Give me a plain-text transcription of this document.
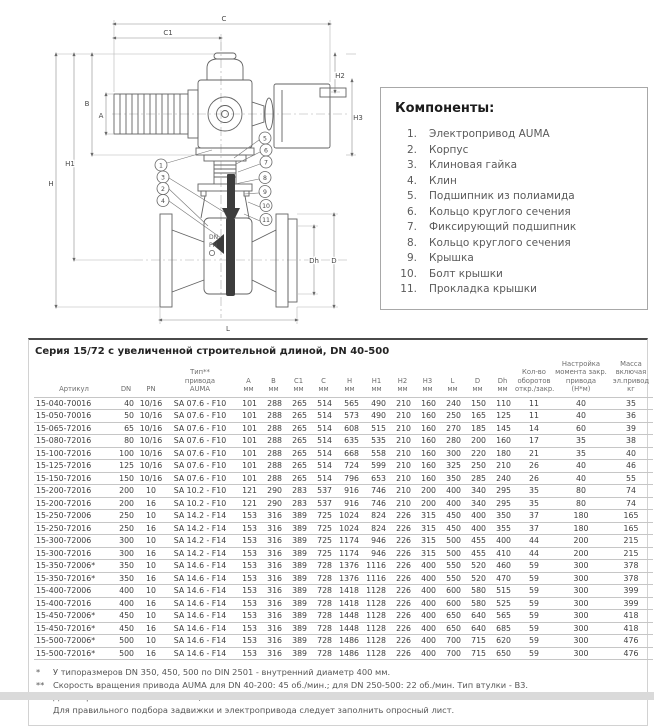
DN
PN
C
C1
H
H1
B
A
H2
H3
Dh D
L
1
3
2
4
5
6
7
8
9
10
11
Компоненты:
1. Электропривод AUMA
2. Корпус
3. Клиновая гайка
4. Клин
5. Подшипник из полиамида
6. Кольцо круглого сечения
7. Фиксирующий подшипник
8. Кольцо круглого сечения
9. Крышка
10. Болт крышки
11. Прокладка крышки
Серия 15/72 с увеличенной строительной длиной, DN 40-500
Артикул	DN	PN

Тип**
привода
AUMA

A
мм

B
мм

C1
мм

C
мм

H
мм

H1
мм

H2
мм

H3
мм

L
мм

D
мм

Dh
мм

Кол-во
оборотов
откр./закр.

Настройка
момента закр.
привода
(Н*м)

Масса
включая
эл.привод
кг

15-040-70016	40	10/16	SA 07.6 - F10	101	288	265	514	565	490	210	160	240	150	110	11	40	35
15-050-70016	50	10/16	SA 07.6 - F10	101	288	265	514	573	490	210	160	250	165	125	11	40	36
15-065-72016	65	10/16	SA 07.6 - F10	101	288	265	514	608	515	210	160	270	185	145	14	60	39
15-080-72016	80	10/16	SA 07.6 - F10	101	288	265	514	635	535	210	160	280	200	160	17	35	38
15-100-72016	100	10/16	SA 07.6 - F10	101	288	265	514	668	558	210	160	300	220	180	21	35	40
15-125-72016	125	10/16	SA 07.6 - F10	101	288	265	514	724	599	210	160	325	250	210	26	40	46
15-150-72016	150	10/16	SA 07.6 - F10	101	288	265	514	796	653	210	160	350	285	240	26	40	55
15-200-72016	200	10	SA 10.2 - F10	121	290	283	537	916	746	210	200	400	340	295	35	80	74
15-200-72016	200	16	SA 10.2 - F10	121	290	283	537	916	746	210	200	400	340	295	35	80	74
15-250-72006	250	10	SA 14.2 - F14	153	316	389	725	1024	824	226	315	450	400	350	37	180	165
15-250-72016	250	16	SA 14.2 - F14	153	316	389	725	1024	824	226	315	450	400	355	37	180	165
15-300-72006	300	10	SA 14.2 - F14	153	316	389	725	1174	946	226	315	500	455	400	44	200	215
15-300-72016	300	16	SA 14.2 - F14	153	316	389	725	1174	946	226	315	500	455	410	44	200	215
15-350-72006*	350	10	SA 14.6 - F14	153	316	389	728	1376	1116	226	400	550	520	460	59	300	378
15-350-72016*	350	16	SA 14.6 - F14	153	316	389	728	1376	1116	226	400	550	520	470	59	300	378
15-400-72006	400	10	SA 14.6 - F14	153	316	389	728	1418	1128	226	400	600	580	515	59	300	399
15-400-72016	400	16	SA 14.6 - F14	153	316	389	728	1418	1128	226	400	600	580	525	59	300	399
15-450-72006*	450	10	SA 14.6 - F14	153	316	389	728	1448	1128	226	400	650	640	565	59	300	418
15-450-72016*	450	16	SA 14.6 - F14	153	316	389	728	1448	1128	226	400	650	640	685	59	300	418
15-500-72006*	500	10	SA 14.6 - F14	153	316	389	728	1486	1128	226	400	700	715	620	59	300	476
15-500-72016*	500	16	SA 14.6 - F14	153	316	389	728	1486	1128	226	400	700	715	650	59	300	476
*	У типоразмеров DN 350, 450, 500 по DIN 2501 - внутренний диаметр 400 мм.
**	Скорость вращения привода AUMA для DN 40-200: 45 об./мин.; для DN 250-500: 22 об./мин. Тип втулки - B3.
Для правильного подбора задвижки и электропривода следует заполнить опросный лист.
